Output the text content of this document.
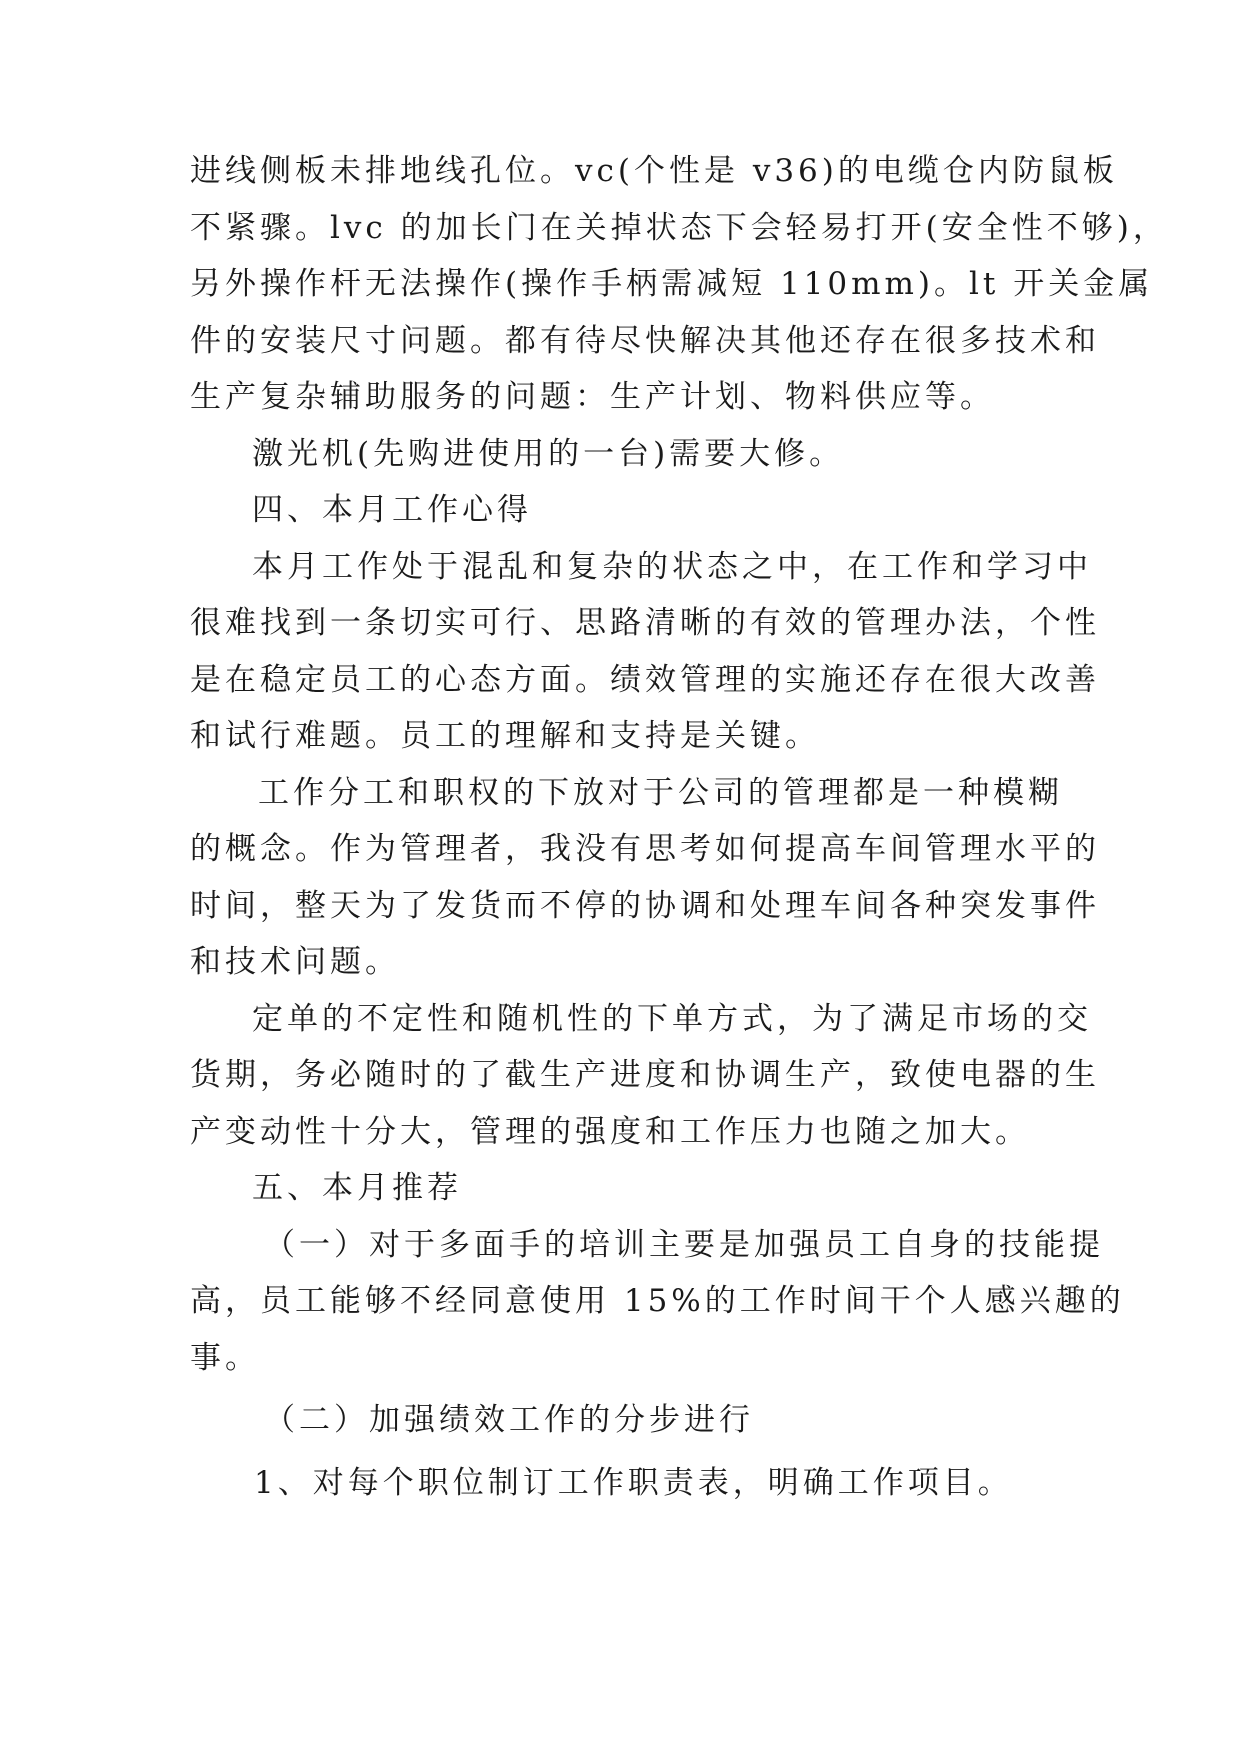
进线侧板未排地线孔位。vc(个性是 v36)的电缆仓内防鼠板
不紧骤。lvc 的加长门在关掉状态下会轻易打开(安全性不够)，
另外操作杆无法操作(操作手柄需减短 110mm)。lt 开关金属
件的安装尺寸问题。都有待尽快解决其他还存在很多技术和
生产复杂辅助服务的问题：生产计划、物料供应等。
激光机(先购进使用的一台)需要大修。
四、本月工作心得
本月工作处于混乱和复杂的状态之中，在工作和学习中
很难找到一条切实可行、思路清晰的有效的管理办法，个性
是在稳定员工的心态方面。绩效管理的实施还存在很大改善
和试行难题。员工的理解和支持是关键。
工作分工和职权的下放对于公司的管理都是一种模糊
的概念。作为管理者，我没有思考如何提高车间管理水平的
时间，整天为了发货而不停的协调和处理车间各种突发事件
和技术问题。
定单的不定性和随机性的下单方式，为了满足市场的交
货期，务必随时的了截生产进度和协调生产，致使电器的生
产变动性十分大，管理的强度和工作压力也随之加大。
五、本月推荐
（一）对于多面手的培训主要是加强员工自身的技能提
高，员工能够不经同意使用 15%的工作时间干个人感兴趣的
事。
（二）加强绩效工作的分步进行
1、对每个职位制订工作职责表，明确工作项目。
